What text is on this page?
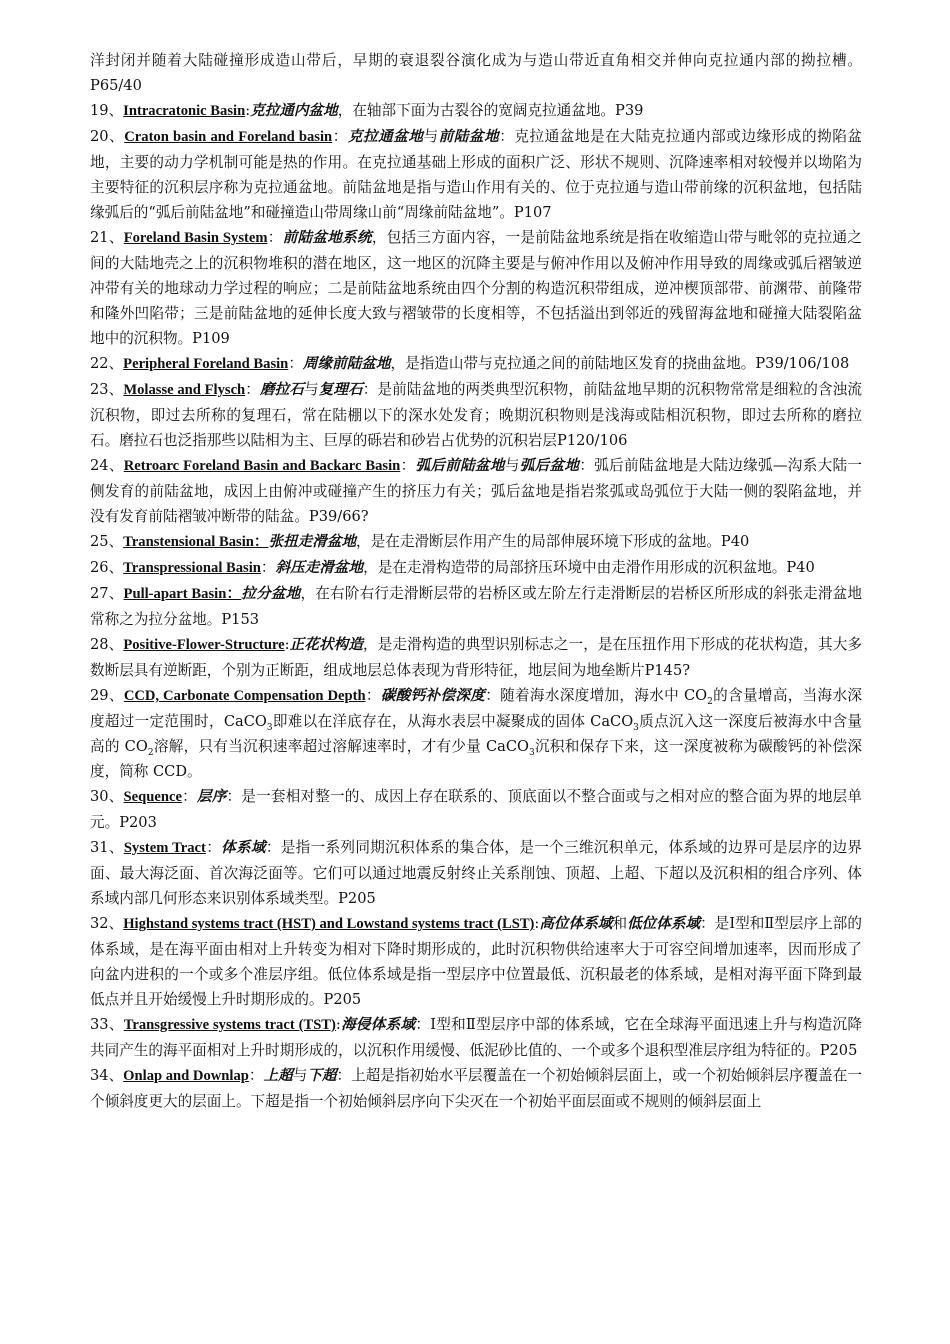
洋封闭并随着大陆碰撞形成造山带后，早期的衰退裂谷演化成为与造山带近直角相交并伸向克拉通内部的拗拉槽。P65/40

19、Intracratonic Basin:克拉通内盆地，在轴部下面为古裂谷的宽阔克拉通盆地。P39

20、Craton basin and Foreland basin：克拉通盆地与前陆盆地：克拉通盆地是在大陆克拉通内部或边缘形成的拗陷盆地，主要的动力学机制可能是热的作用。在克拉通基础上形成的面积广泛、形状不规则、沉降速率相对较慢并以坳陷为主要特征的沉积层序称为克拉通盆地。前陆盆地是指与造山作用有关的、位于克拉通与造山带前缘的沉积盆地，包括陆缘弧后的“弧后前陆盆地”和碰撞造山带周缘山前“周缘前陆盆地”。P107

21、Foreland Basin System：前陆盆地系统，包括三方面内容，一是前陆盆地系统是指在收缩造山带与毗邻的克拉通之间的大陆地壳之上的沉积物堆积的潜在地区，这一地区的沉降主要是与俯冲作用以及俯冲作用导致的周缘或弧后褶皱逆冲带有关的地球动力学过程的响应；二是前陆盆地系统由四个分割的构造沉积带组成，逆冲楔顶部带、前渊带、前隆带和隆外凹陷带；三是前陆盆地的延伸长度大致与褶皱带的长度相等，不包括溢出到邻近的残留海盆地和碰撞大陆裂陷盆地中的沉积物。P109

22、Peripheral Foreland Basin：周缘前陆盆地，是指造山带与克拉通之间的前陆地区发育的挠曲盆地。P39/106/108

23、Molasse and Flysch：磨拉石与复理石：是前陆盆地的两类典型沉积物，前陆盆地早期的沉积物常常是细粒的含浊流沉积物，即过去所称的复理石，常在陆棚以下的深水处发育；晚期沉积物则是浅海或陆相沉积物，即过去所称的磨拉石。磨拉石也泛指那些以陆相为主、巨厚的砾岩和砂岩占优势的沉积岩层P120/106

24、Retroarc Foreland Basin and Backarc Basin：弧后前陆盆地与弧后盆地：弧后前陆盆地是大陆边缘弧—沟系大陆一侧发育的前陆盆地，成因上由俯冲或碰撞产生的挤压力有关；弧后盆地是指岩浆弧或岛弧位于大陆一侧的裂陷盆地，并没有发育前陆褶皱冲断带的陆盆。P39/66?

25、Transtensional Basin：张扭走滑盆地，是在走滑断层作用产生的局部伸展环境下形成的盆地。P40

26、Transpressional Basin：斜压走滑盆地，是在走滑构造带的局部挤压环境中由走滑作用形成的沉积盆地。P40

27、Pull-apart Basin：拉分盆地，在右阶右行走滑断层带的岩桥区或左阶左行走滑断层的岩桥区所形成的斜张走滑盆地常称之为拉分盆地。P153

28、Positive-Flower-Structure:正花状构造，是走滑构造的典型识别标志之一，是在压扭作用下形成的花状构造，其大多数断层具有逆断距，个别为正断距，组成地层总体表现为背形特征，地层间为地垒断片P145?

29、CCD, Carbonate Compensation Depth：碳酸钙补偿深度：随着海水深度增加，海水中 $CO_2$的含量增高，当海水深度超过一定范围时，CaCO$_3$即难以在洋底存在，从海水表层中凝聚成的固体 CaCO$_3$质点沉入这一深度后被海水中含量高的 $CO_2$溶解，只有当沉积速率超过溶解速率时，才有少量 CaCO$_3$沉积和保存下来，这一深度被称为碳酸钙的补偿深度，简称 CCD。

30、Sequence：层序：是一套相对整一的、成因上存在联系的、顶底面以不整合面或与之相对应的整合面为界的地层单元。P203

31、System Tract：体系域：是指一系列同期沉积体系的集合体，是一个三维沉积单元，体系域的边界可是层序的边界面、最大海泛面、首次海泛面等。它们可以通过地震反射终止关系削蚀、顶超、上超、下超以及沉积相的组合序列、体系域内部几何形态来识别体系域类型。P205

32、Highstand systems tract (HST) and Lowstand systems tract (LST):高位体系域和低位体系域：是Ⅰ型和Ⅱ型层序上部的体系域，是在海平面由相对上升转变为相对下降时期形成的，此时沉积物供给速率大于可容空间增加速率，因而形成了向盆内进积的一个或多个准层序组。低位体系域是指一型层序中位置最低、沉积最老的体系域，是相对海平面下降到最低点并且开始缓慢上升时期形成的。P205

33、Transgressive systems tract (TST):海侵体系域：Ⅰ型和Ⅱ型层序中部的体系域，它在全球海平面迅速上升与构造沉降共同产生的海平面相对上升时期形成的，以沉积作用缓慢、低泥砂比值的、一个或多个退积型准层序组为特征的。P205

34、Onlap and Downlap：上超与下超：上超是指初始水平层覆盖在一个初始倾斜层面上，或一个初始倾斜层序覆盖在一个倾斜度更大的层面上。下超是指一个初始倾斜层序向下尖灭在一个初始平面层面或不规则的倾斜层面上
